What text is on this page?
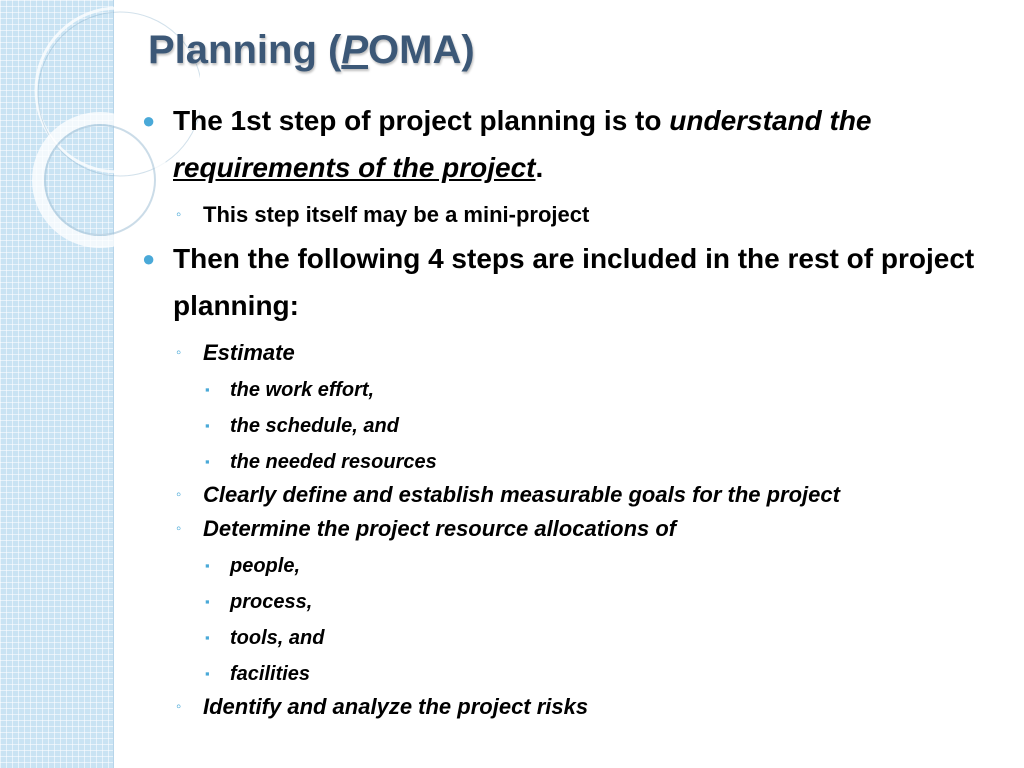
Planning (POMA)
● The 1st step of project planning is to understand the requirements of the project.
◦ This step itself may be a mini-project
● Then the following 4 steps are included in the rest of project planning:
◦ Estimate
▪ the work effort,
▪ the schedule, and
▪ the needed resources
◦ Clearly define and establish measurable goals for the project
◦ Determine the project resource allocations of
▪ people,
▪ process,
▪ tools, and
▪ facilities
◦ Identify and analyze the project risks
